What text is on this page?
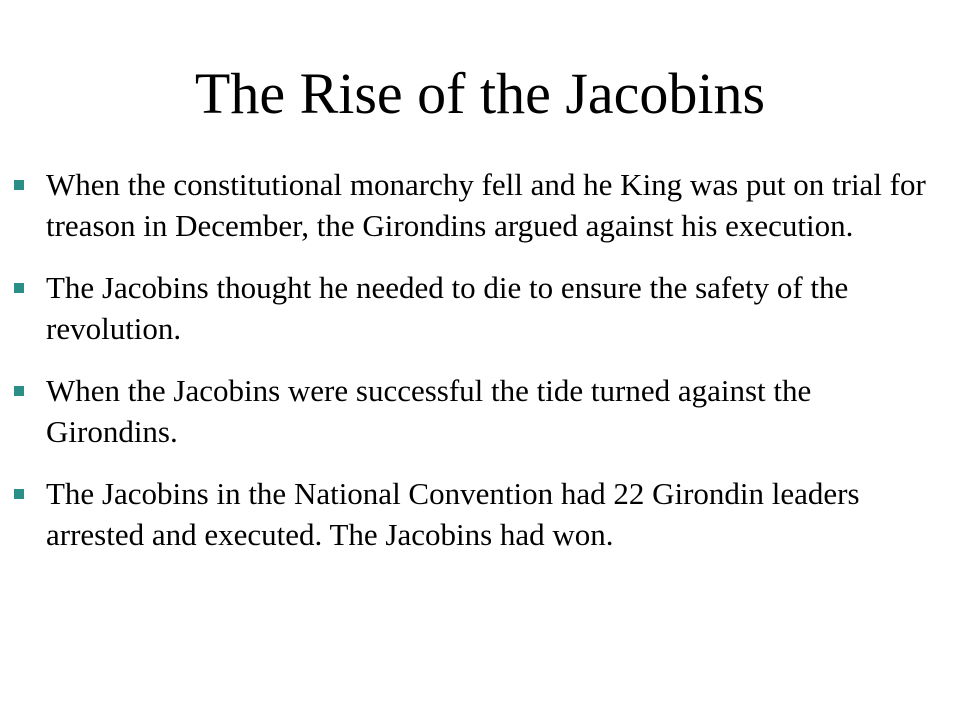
The Rise of the Jacobins
When the constitutional monarchy fell and he King was put on trial for treason in December, the Girondins argued against his execution.
The Jacobins thought he needed to die to ensure the safety of the revolution.
When the Jacobins were successful the tide turned against the Girondins.
The Jacobins in the National Convention had 22 Girondin leaders arrested and executed. The Jacobins had won.
